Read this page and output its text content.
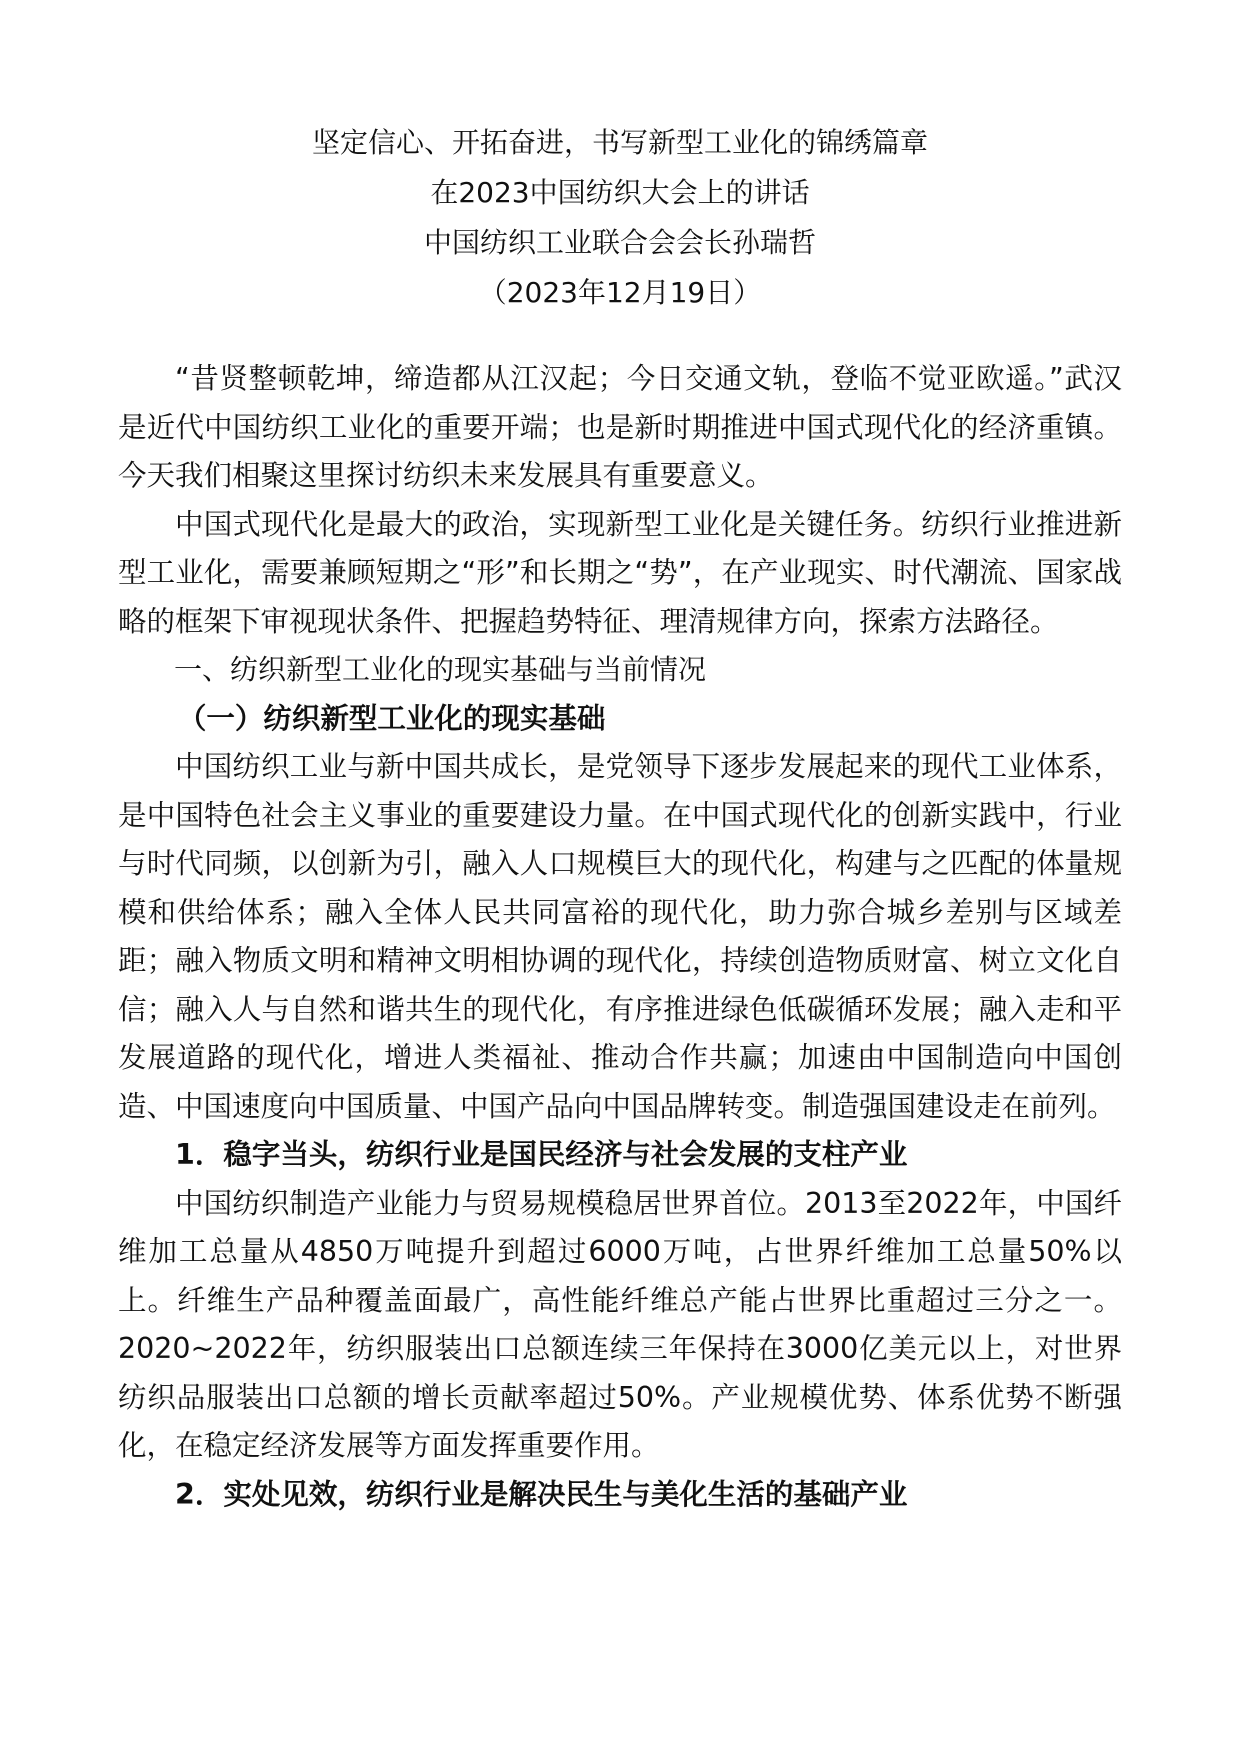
坚定信心、开拓奋进，书写新型工业化的锦绣篇章
在2023中国纺织大会上的讲话
中国纺织工业联合会会长孙瑞哲
（2023年12月19日）

“昔贤整顿乾坤，缔造都从江汉起；今日交通文轨，登临不觉亚欧遥。”武汉是近代中国纺织工业化的重要开端；也是新时期推进中国式现代化的经济重镇。今天我们相聚这里探讨纺织未来发展具有重要意义。

中国式现代化是最大的政治，实现新型工业化是关键任务。纺织行业推进新型工业化，需要兼顾短期之“形”和长期之“势”，在产业现实、时代潮流、国家战略的框架下审视现状条件、把握趋势特征、理清规律方向，探索方法路径。

一、纺织新型工业化的现实基础与当前情况

（一）纺织新型工业化的现实基础

中国纺织工业与新中国共成长，是党领导下逐步发展起来的现代工业体系，是中国特色社会主义事业的重要建设力量。在中国式现代化的创新实践中，行业与时代同频，以创新为引，融入人口规模巨大的现代化，构建与之匹配的体量规模和供给体系；融入全体人民共同富裕的现代化，助力弥合城乡差别与区域差距；融入物质文明和精神文明相协调的现代化，持续创造物质财富、树立文化自信；融入人与自然和谐共生的现代化，有序推进绿色低碳循环发展；融入走和平发展道路的现代化，增进人类福祉、推动合作共赢；加速由中国制造向中国创造、中国速度向中国质量、中国产品向中国品牌转变。制造强国建设走在前列。

1．稳字当头，纺织行业是国民经济与社会发展的支柱产业

中国纺织制造产业能力与贸易规模稳居世界首位。2013至2022年，中国纤维加工总量从4850万吨提升到超过6000万吨，占世界纤维加工总量50%以上。纤维生产品种覆盖面最广，高性能纤维总产能占世界比重超过三分之一。2020~2022年，纺织服装出口总额连续三年保持在3000亿美元以上，对世界纺织品服装出口总额的增长贡献率超过50%。产业规模优势、体系优势不断强化，在稳定经济发展等方面发挥重要作用。

2．实处见效，纺织行业是解决民生与美化生活的基础产业
